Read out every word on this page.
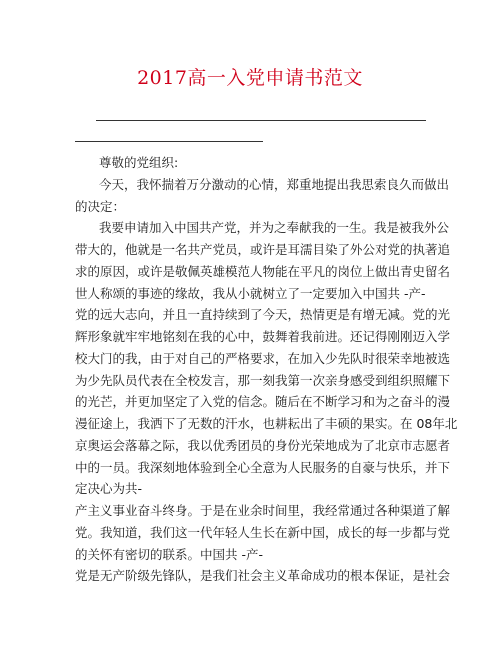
2017高一入党申请书范文
尊敬的党组织:
今天，我怀揣着万分激动的心情，郑重地提出我思索良久而做出
的决定：
我要申请加入中国共产党，并为之奉献我的一生。我是被我外公
带大的，他就是一名共产党员，或许是耳濡目染了外公对党的执著追
求的原因，或许是敬佩英雄模范人物能在平凡的岗位上做出青史留名
世人称颂的事迹的缘故，我从小就树立了一定要加入中国共 -产-
党的远大志向，并且一直持续到了今天，热情更是有增无减。党的光
辉形象就牢牢地铭刻在我的心中，鼓舞着我前进。还记得刚刚迈入学
校大门的我，由于对自己的严格要求，在加入少先队时很荣幸地被选
为少先队员代表在全校发言，那一刻我第一次亲身感受到组织照耀下
的光芒，并更加坚定了入党的信念。随后在不断学习和为之奋斗的漫
漫征途上，我洒下了无数的汗水，也耕耘出了丰硕的果实。在 08年北
京奥运会落幕之际，我以优秀团员的身份光荣地成为了北京市志愿者
中的一员。我深刻地体验到全心全意为人民服务的自豪与快乐，并下
定决心为共-
产主义事业奋斗终身。于是在业余时间里，我经常通过各种渠道了解
党。我知道，我们这一代年轻人生长在新中国，成长的每一步都与党
的关怀有密切的联系。中国共 -产-
党是无产阶级先锋队，是我们社会主义革命成功的根本保证，是社会
